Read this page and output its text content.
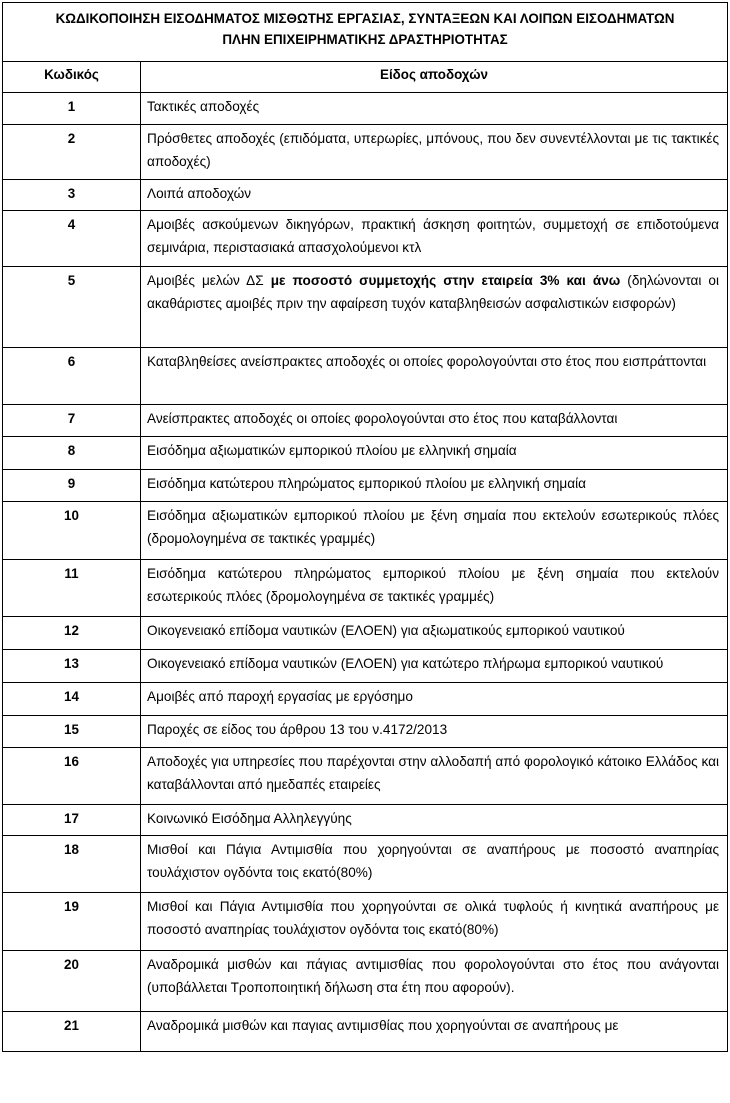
ΚΩΔΙΚΟΠΟΙΗΣΗ ΕΙΣΟΔΗΜΑΤΟΣ ΜΙΣΘΩΤΗΣ ΕΡΓΑΣΙΑΣ, ΣΥΝΤΑΞΕΩΝ ΚΑΙ ΛΟΙΠΩΝ ΕΙΣΟΔΗΜΑΤΩΝ
ΠΛΗΝ ΕΠΙΧΕΙΡΗΜΑΤΙΚΗΣ ΔΡΑΣΤΗΡΙΟΤΗΤΑΣ	

Κωδικός	Είδος αποδοχών
1	Τακτικές αποδοχές
2	Πρόσθετες αποδοχές (επιδόματα, υπερωρίες, μπόνους, που δεν συνεντέλλονται με τις τακτικές αποδοχές)
3	Λοιπά αποδοχών
4	Αμοιβές ασκούμενων δικηγόρων, πρακτική άσκηση φοιτητών, συμμετοχή σε επιδοτούμενα σεμινάρια, περιστασιακά απασχολούμενοι κτλ
5	Αμοιβές μελών ΔΣ με ποσοστό συμμετοχής στην εταιρεία 3% και άνω (δηλώνονται οι ακαθάριστες αμοιβές πριν την αφαίρεση τυχόν καταβληθεισών ασφαλιστικών εισφορών)
6	Καταβληθείσες ανείσπρακτες αποδοχές οι οποίες φορολογούνται στο έτος που εισπράττονται
7	Ανείσπρακτες αποδοχές οι οποίες φορολογούνται στο έτος που καταβάλλονται
8	Εισόδημα αξιωματικών εμπορικού πλοίου με ελληνική σημαία
9	Εισόδημα κατώτερου πληρώματος εμπορικού πλοίου με ελληνική σημαία
10	Εισόδημα αξιωματικών εμπορικού πλοίου με ξένη σημαία που εκτελούν εσωτερικούς πλόες (δρομολογημένα σε τακτικές γραμμές)
11	Εισόδημα κατώτερου πληρώματος εμπορικού πλοίου με ξένη σημαία που εκτελούν εσωτερικούς πλόες (δρομολογημένα σε τακτικές γραμμές)
12	Οικογενειακό επίδομα ναυτικών (ΕΛΟΕΝ) για αξιωματικούς εμπορικού ναυτικού
13	Οικογενειακό επίδομα ναυτικών (ΕΛΟΕΝ) για κατώτερο πλήρωμα εμπορικού ναυτικού
14	Αμοιβές από παροχή εργασίας με εργόσημο
15	Παροχές σε είδος του άρθρου 13 του ν.4172/2013
16	Αποδοχές για υπηρεσίες που παρέχονται στην αλλοδαπή από φορολογικό κάτοικο Ελλάδος και καταβάλλονται από ημεδαπές εταιρείες
17	Κοινωνικό Εισόδημα Αλληλεγγύης
18	Μισθοί και Πάγια Αντιμισθία που χορηγούνται σε αναπήρους με ποσοστό αναπηρίας τουλάχιστον ογδόντα τοις εκατό(80%)
19	Μισθοί και Πάγια Αντιμισθία που χορηγούνται σε ολικά τυφλούς ή κινητικά αναπήρους με ποσοστό αναπηρίας τουλάχιστον ογδόντα τοις εκατό(80%)
20	Αναδρομικά μισθών και πάγιας αντιμισθίας που φορολογούνται στο έτος που ανάγονται (υποβάλλεται Τροποποιητική δήλωση στα έτη που αφορούν).
21	Αναδρομικά μισθών και παγιας αντιμισθίας που χορηγούνται σε αναπήρους με
